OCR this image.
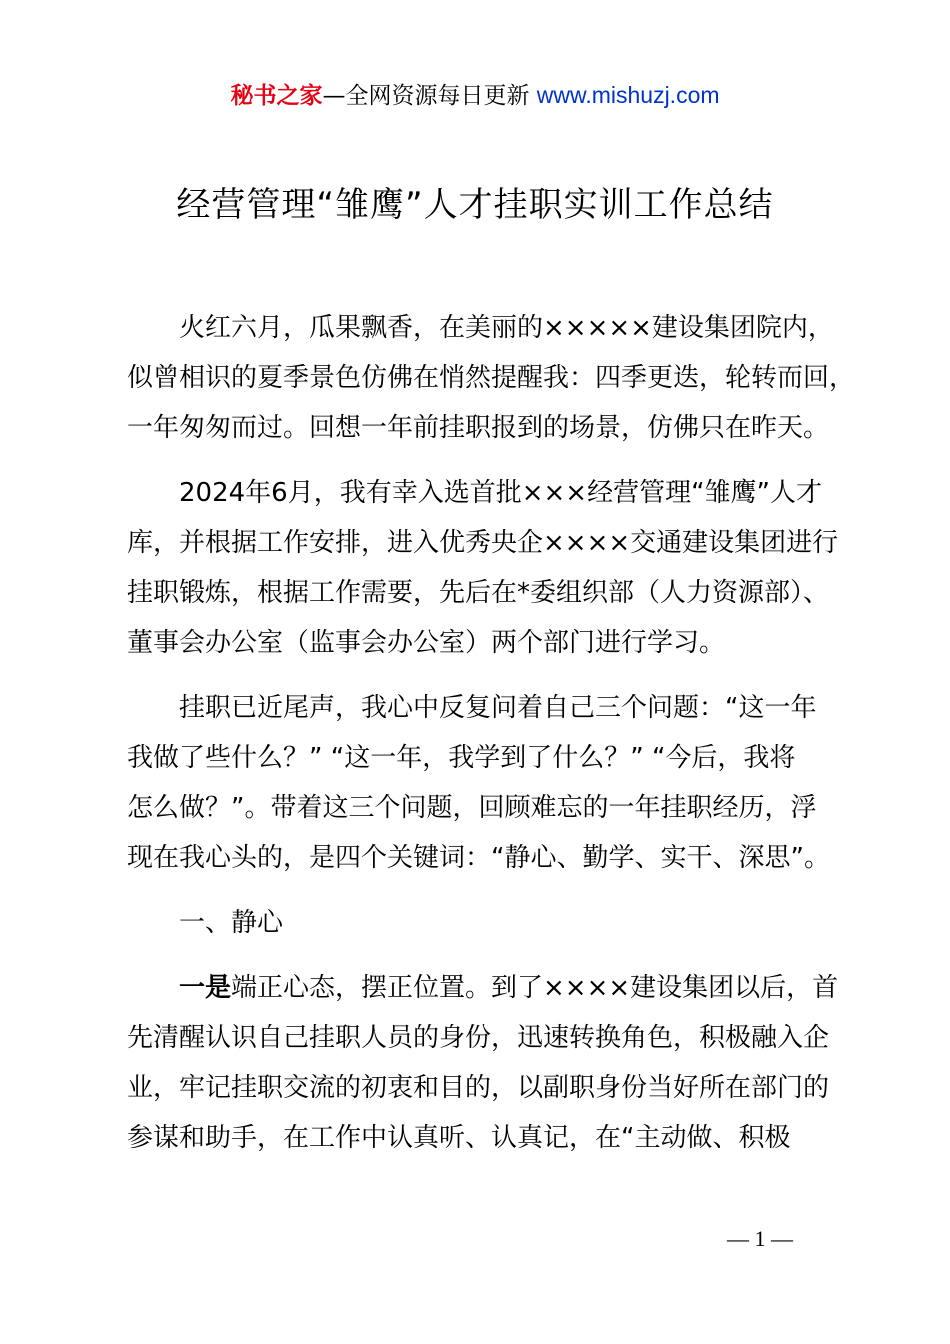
秘书之家—全网资源每日更新 www.mishuzj.com
经营管理“雏鹰”人才挂职实训工作总结

火红六月，瓜果飘香，在美丽的×××××建设集团院内，
似曾相识的夏季景色仿佛在悄然提醒我：四季更迭，轮转而回，
一年匆匆而过。回想一年前挂职报到的场景，仿佛只在昨天。

2024年6月，我有幸入选首批×××经营管理“雏鹰”人才
库，并根据工作安排，进入优秀央企××××交通建设集团进行
挂职锻炼，根据工作需要，先后在*委组织部（人力资源部）、
董事会办公室（监事会办公室）两个部门进行学习。

挂职已近尾声，我心中反复问着自己三个问题：“这一年
我做了些什么？” “这一年，我学到了什么？” “今后，我将
怎么做？”。带着这三个问题，回顾难忘的一年挂职经历，浮
现在我心头的，是四个关键词：“静心、勤学、实干、深思”。

一、静心

一是端正心态，摆正位置。到了××××建设集团以后，首
先清醒认识自己挂职人员的身份，迅速转换角色，积极融入企
业，牢记挂职交流的初衷和目的，以副职身份当好所在部门的
参谋和助手，在工作中认真听、认真记，在“主动做、积极

— 1 —
